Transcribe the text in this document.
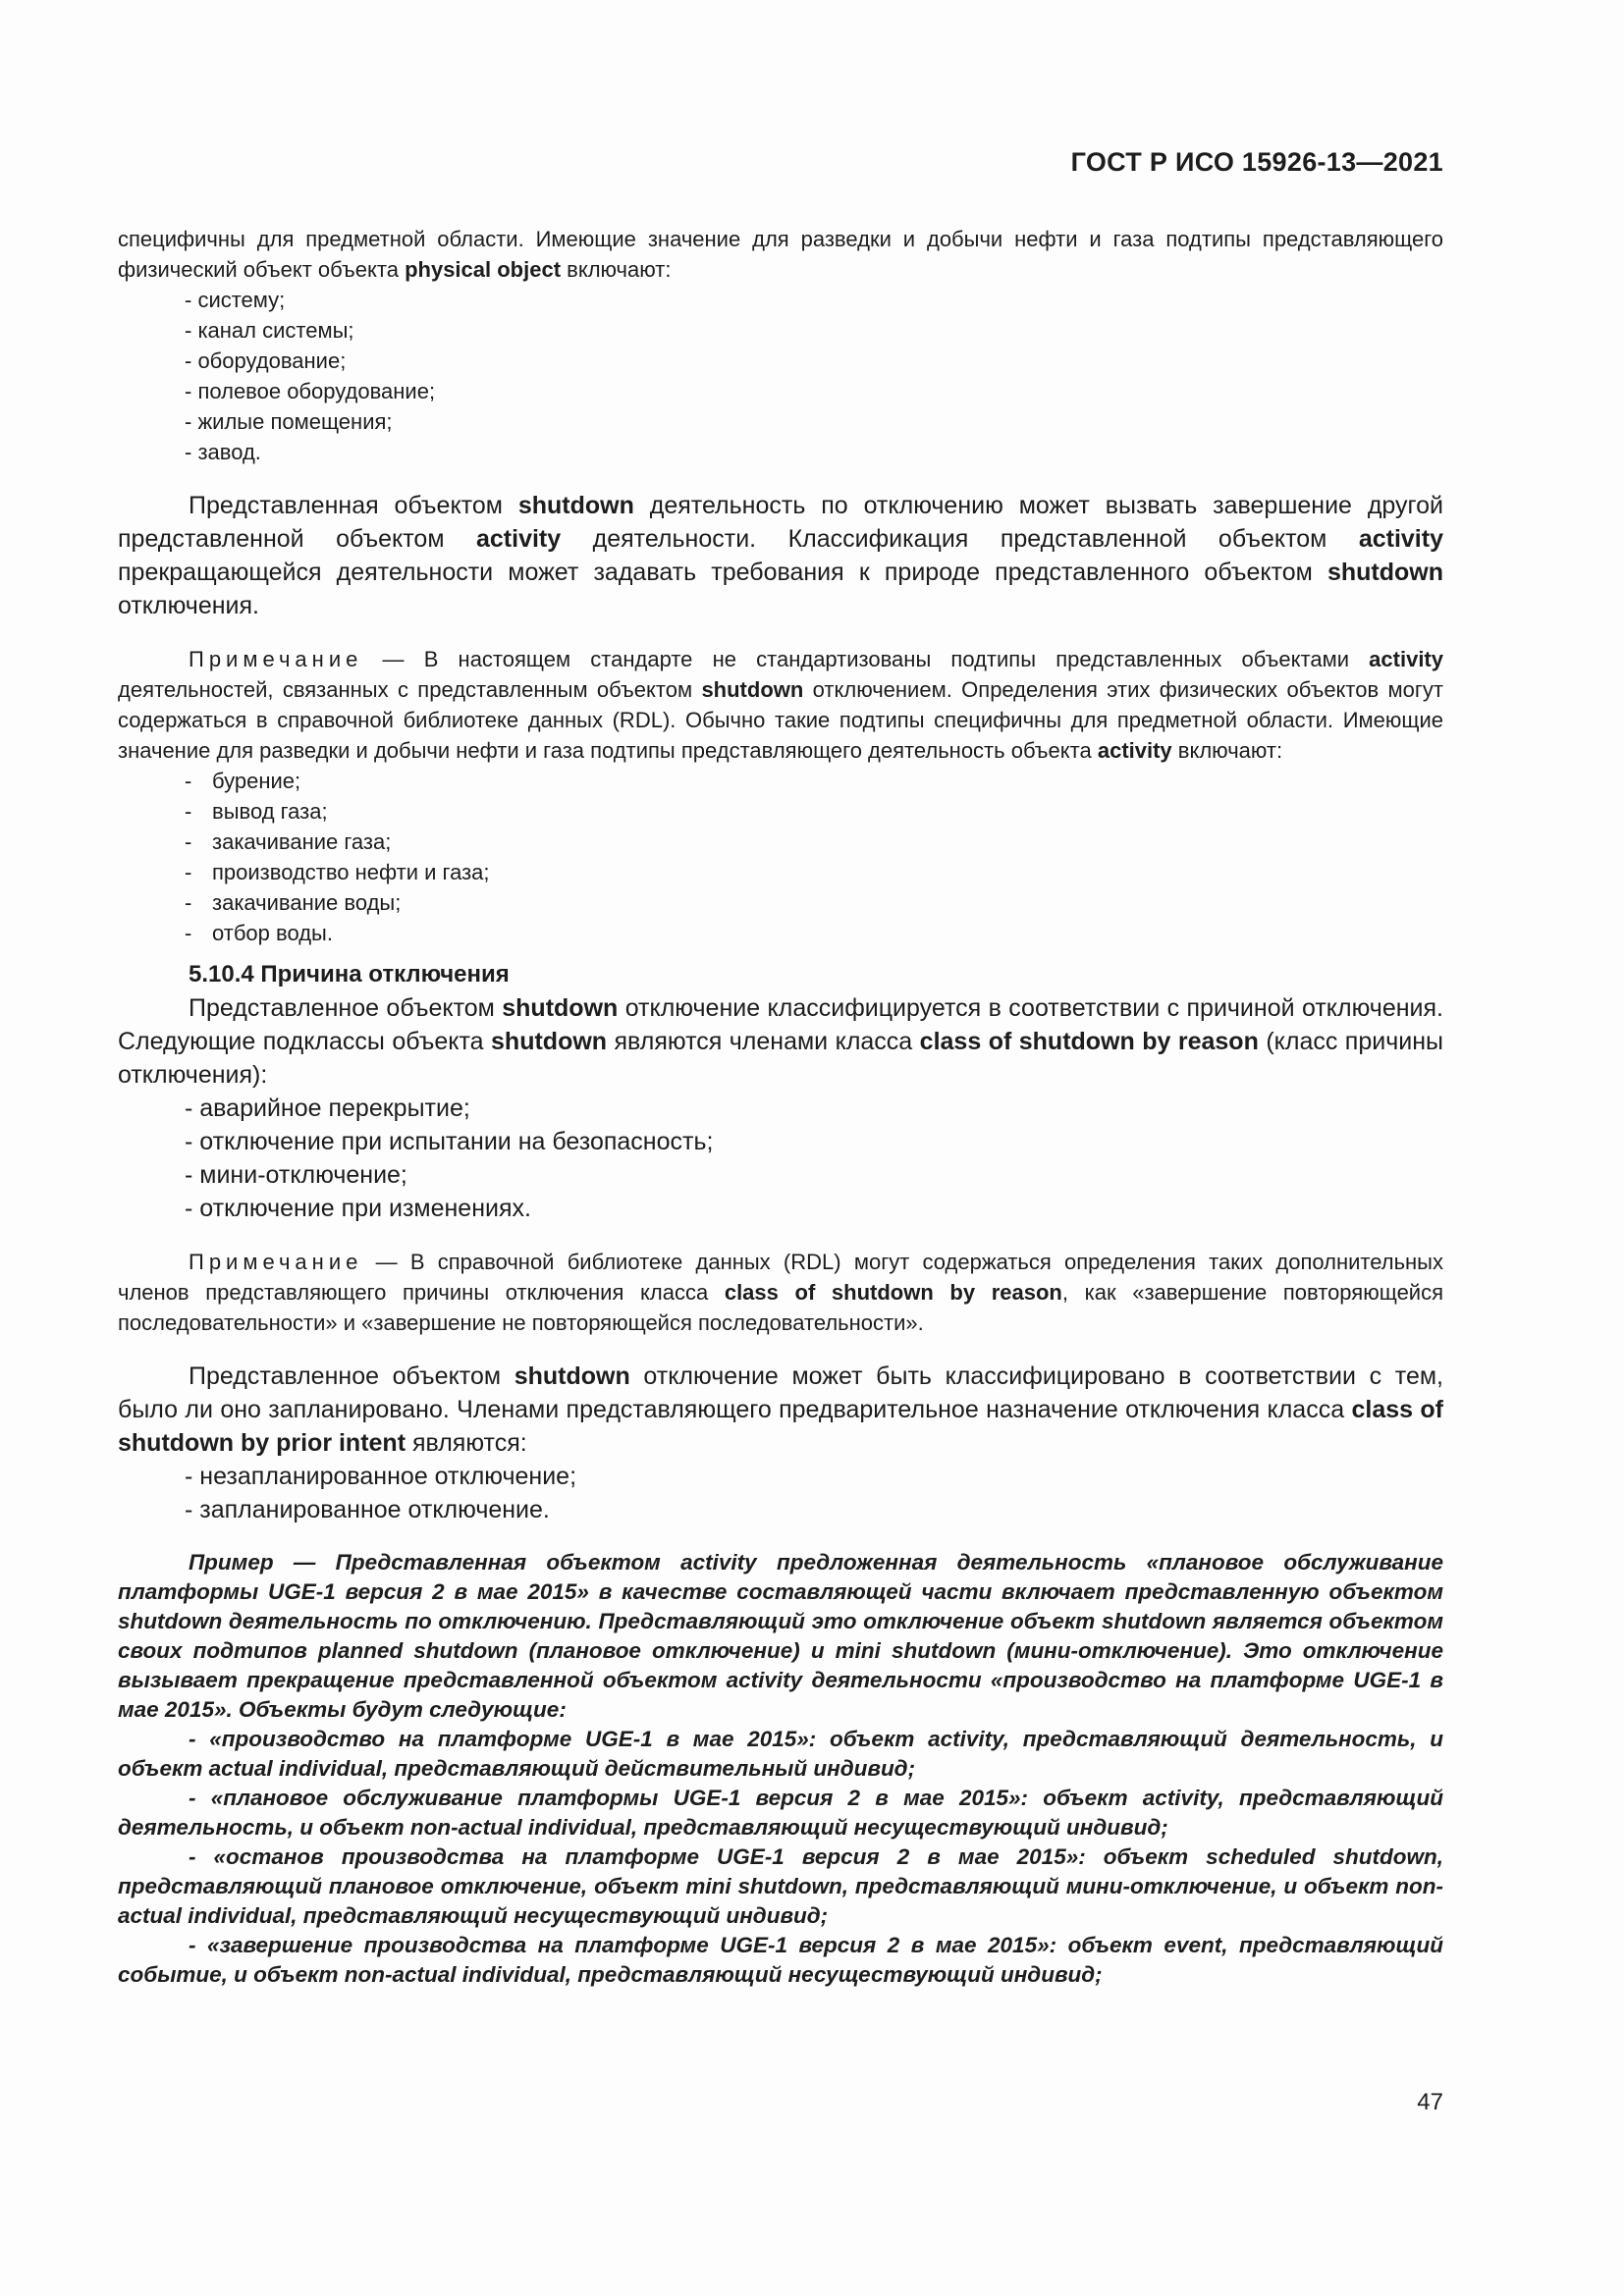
ГОСТ Р ИСО 15926-13—2021

специфичны для предметной области. Имеющие значение для разведки и добычи нефти и газа подтипы представляющего физический объект объекта physical object включают:

- систему;
- канал системы;
- оборудование;
- полевое оборудование;
- жилые помещения;
- завод.

Представленная объектом shutdown деятельность по отключению может вызвать завершение другой представленной объектом activity деятельности. Классификация представленной объектом activity прекращающейся деятельности может задавать требования к природе представленного объектом shutdown отключения.

Примечание — В настоящем стандарте не стандартизованы подтипы представленных объектами activity деятельностей, связанных с представленным объектом shutdown отключением. Определения этих физических объектов могут содержаться в справочной библиотеке данных (RDL). Обычно такие подтипы специфичны для предметной области. Имеющие значение для разведки и добычи нефти и газа подтипы представляющего деятельность объекта activity включают:

- бурение;
- вывод газа;
- закачивание газа;
- производство нефти и газа;
- закачивание воды;
- отбор воды.
5.10.4 Причина отключения

Представленное объектом shutdown отключение классифицируется в соответствии с причиной отключения. Следующие подклассы объекта shutdown являются членами класса class of shutdown by reason (класс причины отключения):

- аварийное перекрытие;
- отключение при испытании на безопасность;
- мини-отключение;
- отключение при изменениях.

Примечание — В справочной библиотеке данных (RDL) могут содержаться определения таких дополнительных членов представляющего причины отключения класса class of shutdown by reason, как «завершение повторяющейся последовательности» и «завершение не повторяющейся последовательности».

Представленное объектом shutdown отключение может быть классифицировано в соответствии с тем, было ли оно запланировано. Членами представляющего предварительное назначение отключения класса class of shutdown by prior intent являются:

- незапланированное отключение;
- запланированное отключение.

Пример — Представленная объектом activity предложенная деятельность «плановое обслуживание платформы UGE-1 версия 2 в мае 2015» в качестве составляющей части включает представленную объектом shutdown деятельность по отключению. Представляющий это отключение объект shutdown является объектом своих подтипов planned shutdown (плановое отключение) и mini shutdown (мини-отключение). Это отключение вызывает прекращение представленной объектом activity деятельности «производство на платформе UGE-1 в мае 2015». Объекты будут следующие:

- «производство на платформе UGE-1 в мае 2015»: объект activity, представляющий деятельность, и объект actual individual, представляющий действительный индивид;

- «плановое обслуживание платформы UGE-1 версия 2 в мае 2015»: объект activity, представляющий деятельность, и объект non-actual individual, представляющий несуществующий индивид;

- «останов производства на платформе UGE-1 версия 2 в мае 2015»: объект scheduled shutdown, представляющий плановое отключение, объект mini shutdown, представляющий мини-отключение, и объект non-actual individual, представляющий несуществующий индивид;

- «завершение производства на платформе UGE-1 версия 2 в мае 2015»: объект event, представляющий событие, и объект non-actual individual, представляющий несуществующий индивид;

47
